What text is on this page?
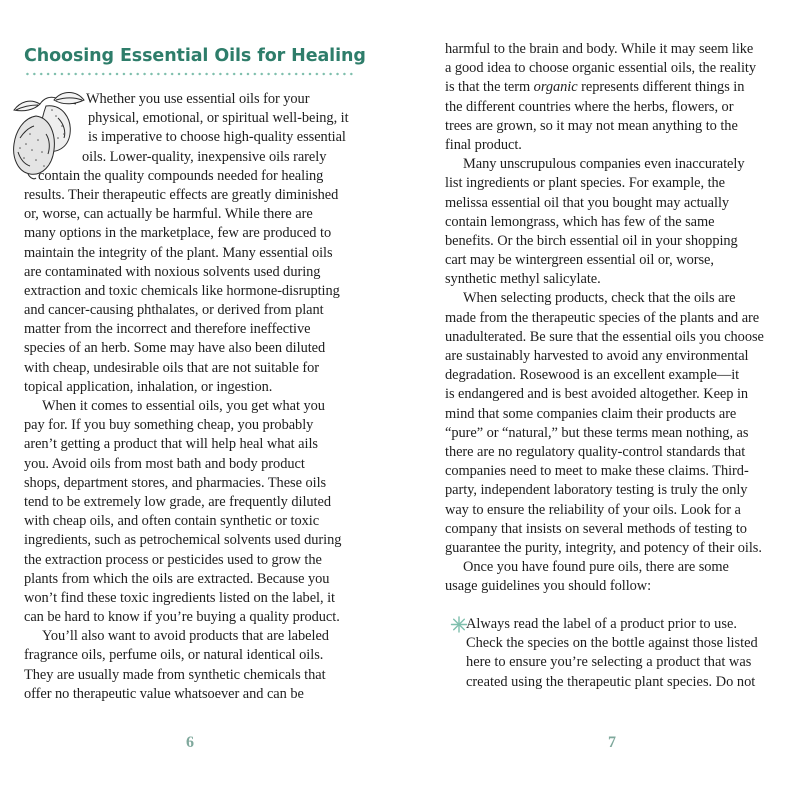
Choosing Essential Oils for Healing
Whether you use essential oils for your
physical, emotional, or spiritual well-being, it
is imperative to choose high-quality essential
oils. Lower-quality, inexpensive oils rarely
contain the quality compounds needed for healing
results. Their therapeutic effects are greatly diminished
or, worse, can actually be harmful. While there are
many options in the marketplace, few are produced to
maintain the integrity of the plant. Many essential oils
are contaminated with noxious solvents used during
extraction and toxic chemicals like hormone-disrupting
and cancer-causing phthalates, or derived from plant
matter from the incorrect and therefore ineffective
species of an herb. Some may have also been diluted
with cheap, undesirable oils that are not suitable for
topical application, inhalation, or ingestion.
When it comes to essential oils, you get what you
pay for. If you buy something cheap, you probably
aren’t getting a product that will help heal what ails
you. Avoid oils from most bath and body product
shops, department stores, and pharmacies. These oils
tend to be extremely low grade, are frequently diluted
with cheap oils, and often contain synthetic or toxic
ingredients, such as petrochemical solvents used during
the extraction process or pesticides used to grow the
plants from which the oils are extracted. Because you
won’t find these toxic ingredients listed on the label, it
can be hard to know if you’re buying a quality product.
You’ll also want to avoid products that are labeled
fragrance oils, perfume oils, or natural identical oils.
They are usually made from synthetic chemicals that
offer no therapeutic value whatsoever and can be
6
harmful to the brain and body. While it may seem like
a good idea to choose organic essential oils, the reality
is that the term organic represents different things in
the different countries where the herbs, flowers, or
trees are grown, so it may not mean anything to the
final product.
Many unscrupulous companies even inaccurately
list ingredients or plant species. For example, the
melissa essential oil that you bought may actually
contain lemongrass, which has few of the same
benefits. Or the birch essential oil in your shopping
cart may be wintergreen essential oil or, worse,
synthetic methyl salicylate.
When selecting products, check that the oils are
made from the therapeutic species of the plants and are
unadulterated. Be sure that the essential oils you choose
are sustainably harvested to avoid any environmental
degradation. Rosewood is an excellent example—it
is endangered and is best avoided altogether. Keep in
mind that some companies claim their products are
“pure” or “natural,” but these terms mean nothing, as
there are no regulatory quality-control standards that
companies need to meet to make these claims. Third-
party, independent laboratory testing is truly the only
way to ensure the reliability of your oils. Look for a
company that insists on several methods of testing to
guarantee the purity, integrity, and potency of their oils.
Once you have found pure oils, there are some
usage guidelines you should follow:
Always read the label of a product prior to use.
Check the species on the bottle against those listed
here to ensure you’re selecting a product that was
created using the therapeutic plant species. Do not
7
